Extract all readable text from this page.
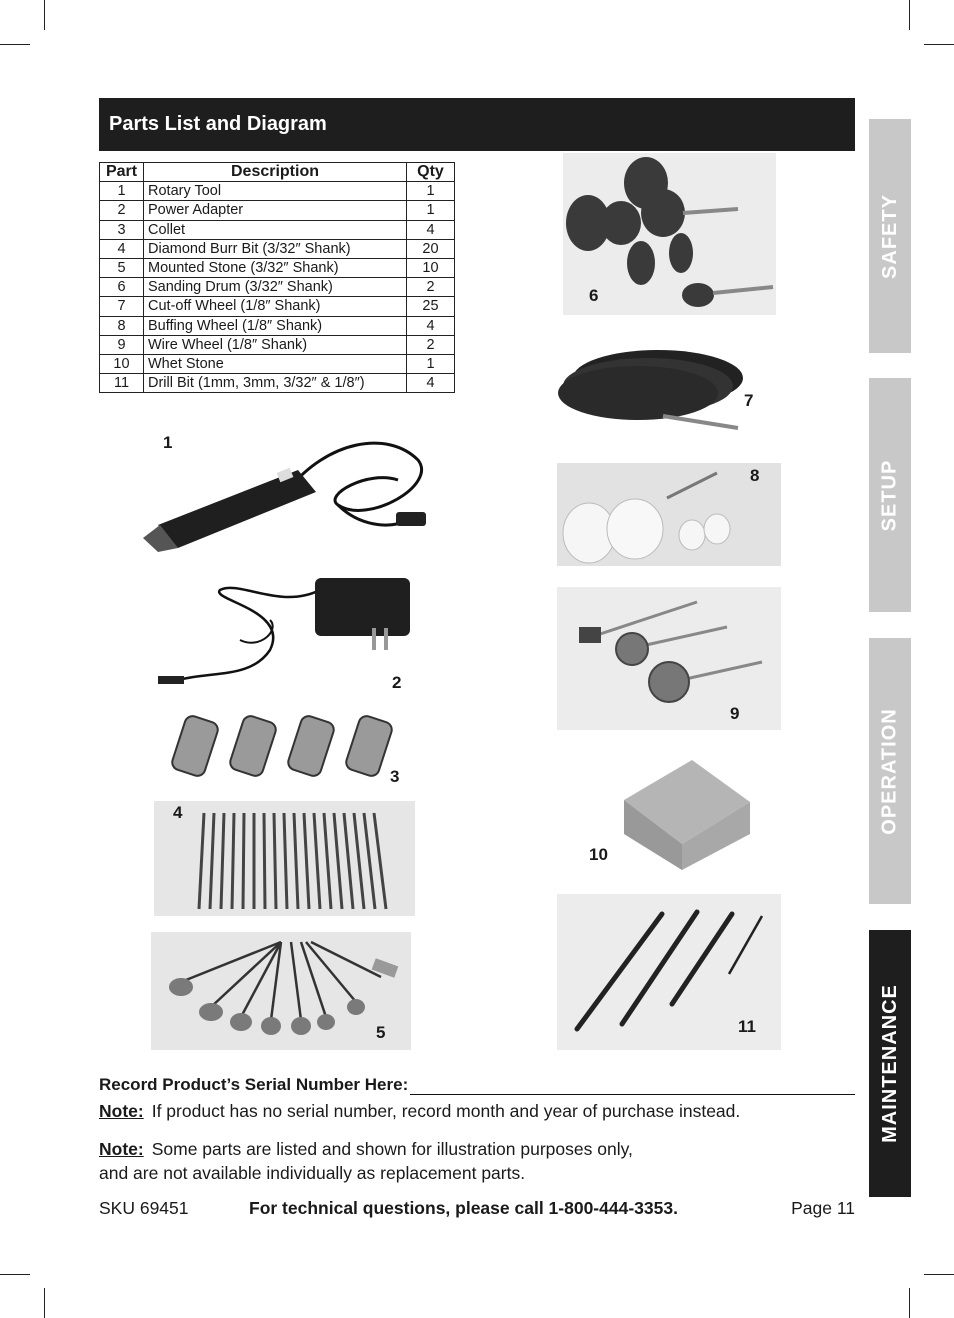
Parts List and Diagram
Part	Description	Qty
1	Rotary Tool	1
2	Power Adapter	1
3	Collet	4
4	Diamond Burr Bit (3/32″ Shank)	20
5	Mounted Stone (3/32″ Shank)	10
6	Sanding Drum (3/32″ Shank)	2
7	Cut-off Wheel (1/8″ Shank)	25
8	Buffing Wheel (1/8″ Shank)	4
9	Wire Wheel (1/8″ Shank)	2
10	Whet Stone	1
11	Drill Bit (1mm, 3mm, 3/32″ & 1/8″)	4
SAFETY
SETUP
OPERATION
MAINTENANCE
1
2
3
4
5
6
7
8
9
10
11
Record Product’s Serial Number Here:
Note: If product has no serial number, record month and year of purchase instead.
Note: Some parts are listed and shown for illustration purposes only,
and are not available individually as replacement parts.
SKU 69451	For technical questions, please call 1-800-444-3353.	Page 11
